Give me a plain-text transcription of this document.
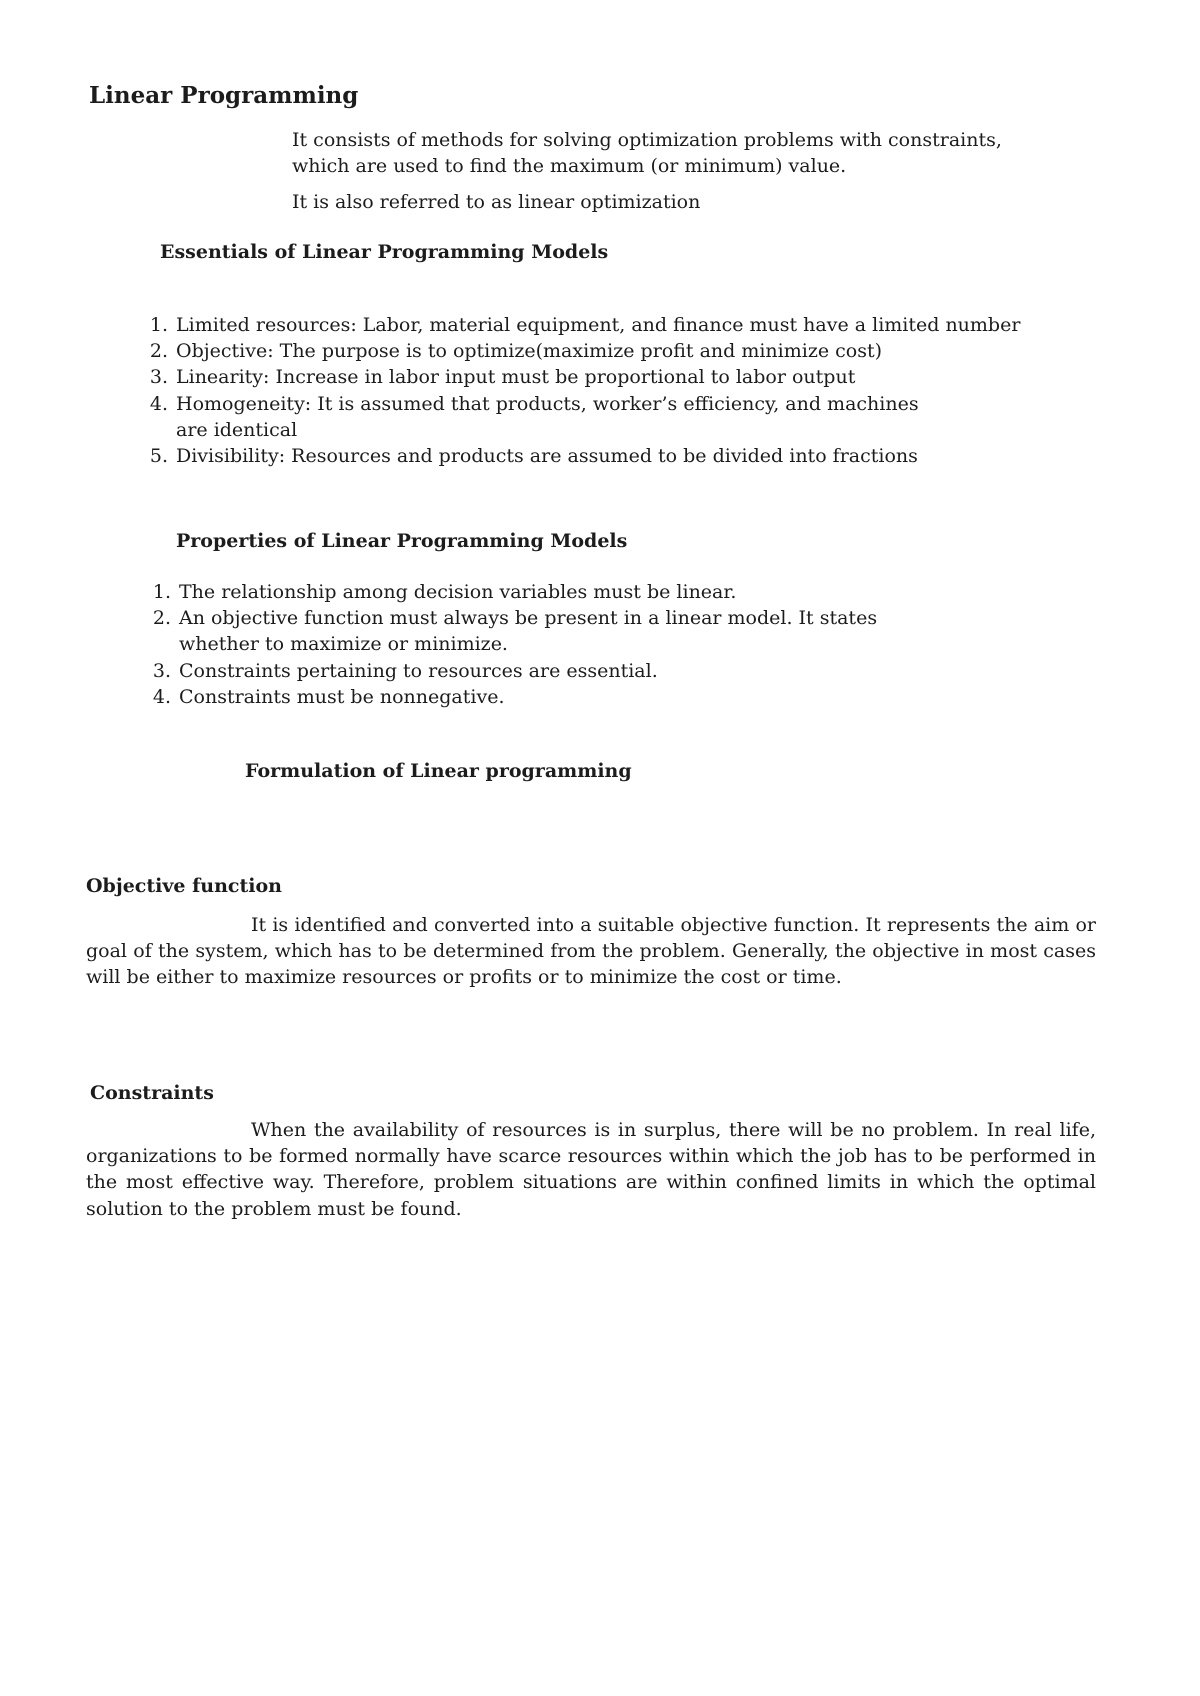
Linear Programming

It consists of methods for solving optimization problems with constraints, which are used to find the maximum (or minimum) value.

It is also referred to as linear optimization

Essentials of Linear Programming Models
1. Limited resources: Labor, material equipment, and finance must have a limited number
2. Objective: The purpose is to optimize(maximize profit and minimize cost)
3. Linearity: Increase in labor input must be proportional to labor output
4. Homogeneity: It is assumed that products, worker’s efficiency, and machines are identical
5. Divisibility: Resources and products are assumed to be divided into fractions
Properties of Linear Programming Models
1. The relationship among decision variables must be linear.
2. An objective function must always be present in a linear model. It states whether to maximize or minimize.
3. Constraints pertaining to resources are essential.
4. Constraints must be nonnegative.
Formulation of Linear programming
Objective function

It is identified and converted into a suitable objective function. It represents the aim or goal of the system, which has to be determined from the problem. Generally, the objective in most cases will be either to maximize resources or profits or to minimize the cost or time.

Constraints

When the availability of resources is in surplus, there will be no problem. In real life, organizations to be formed normally have scarce resources within which the job has to be performed in the most effective way. Therefore, problem situations are within confined limits in which the optimal solution to the problem must be found.
